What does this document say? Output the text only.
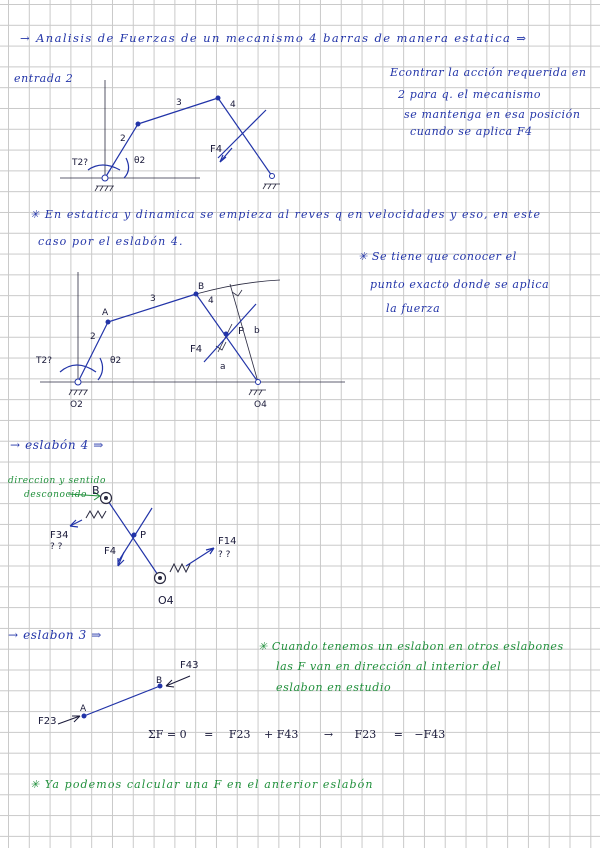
→ Analisis de Fuerzas de un mecanismo 4 barras de manera estatica ⇒
entrada 2	Econtrar la acción requerida en
2 para q. el mecanismo
se mantenga en esa posición
cuando se aplica F4
2
3	4
T2?	θ2
F4
✳ En estatica y dinamica se empieza al reves q en velocidades y eso, en este
caso por el eslabón 4.
✳ Se tiene que conocer el
punto exacto donde se aplica
la fuerza
A
B
2
3	4
T2?	θ2
F4
P
a
b
O2	O4
→ eslabón 4 ⇒
direccion y sentido
desconocido B
F34
? ?	F4
P
F14
? ?
O4
→ eslabon 3 ⇒
✳ Cuando tenemos un eslabon en otros eslabones
las F van en dirección al interior del
eslabon en estudio
F23
A
B
F43
ΣF = 0 = F23 + F43 → F23 = −F43
✳ Ya podemos calcular una F en el anterior eslabón
